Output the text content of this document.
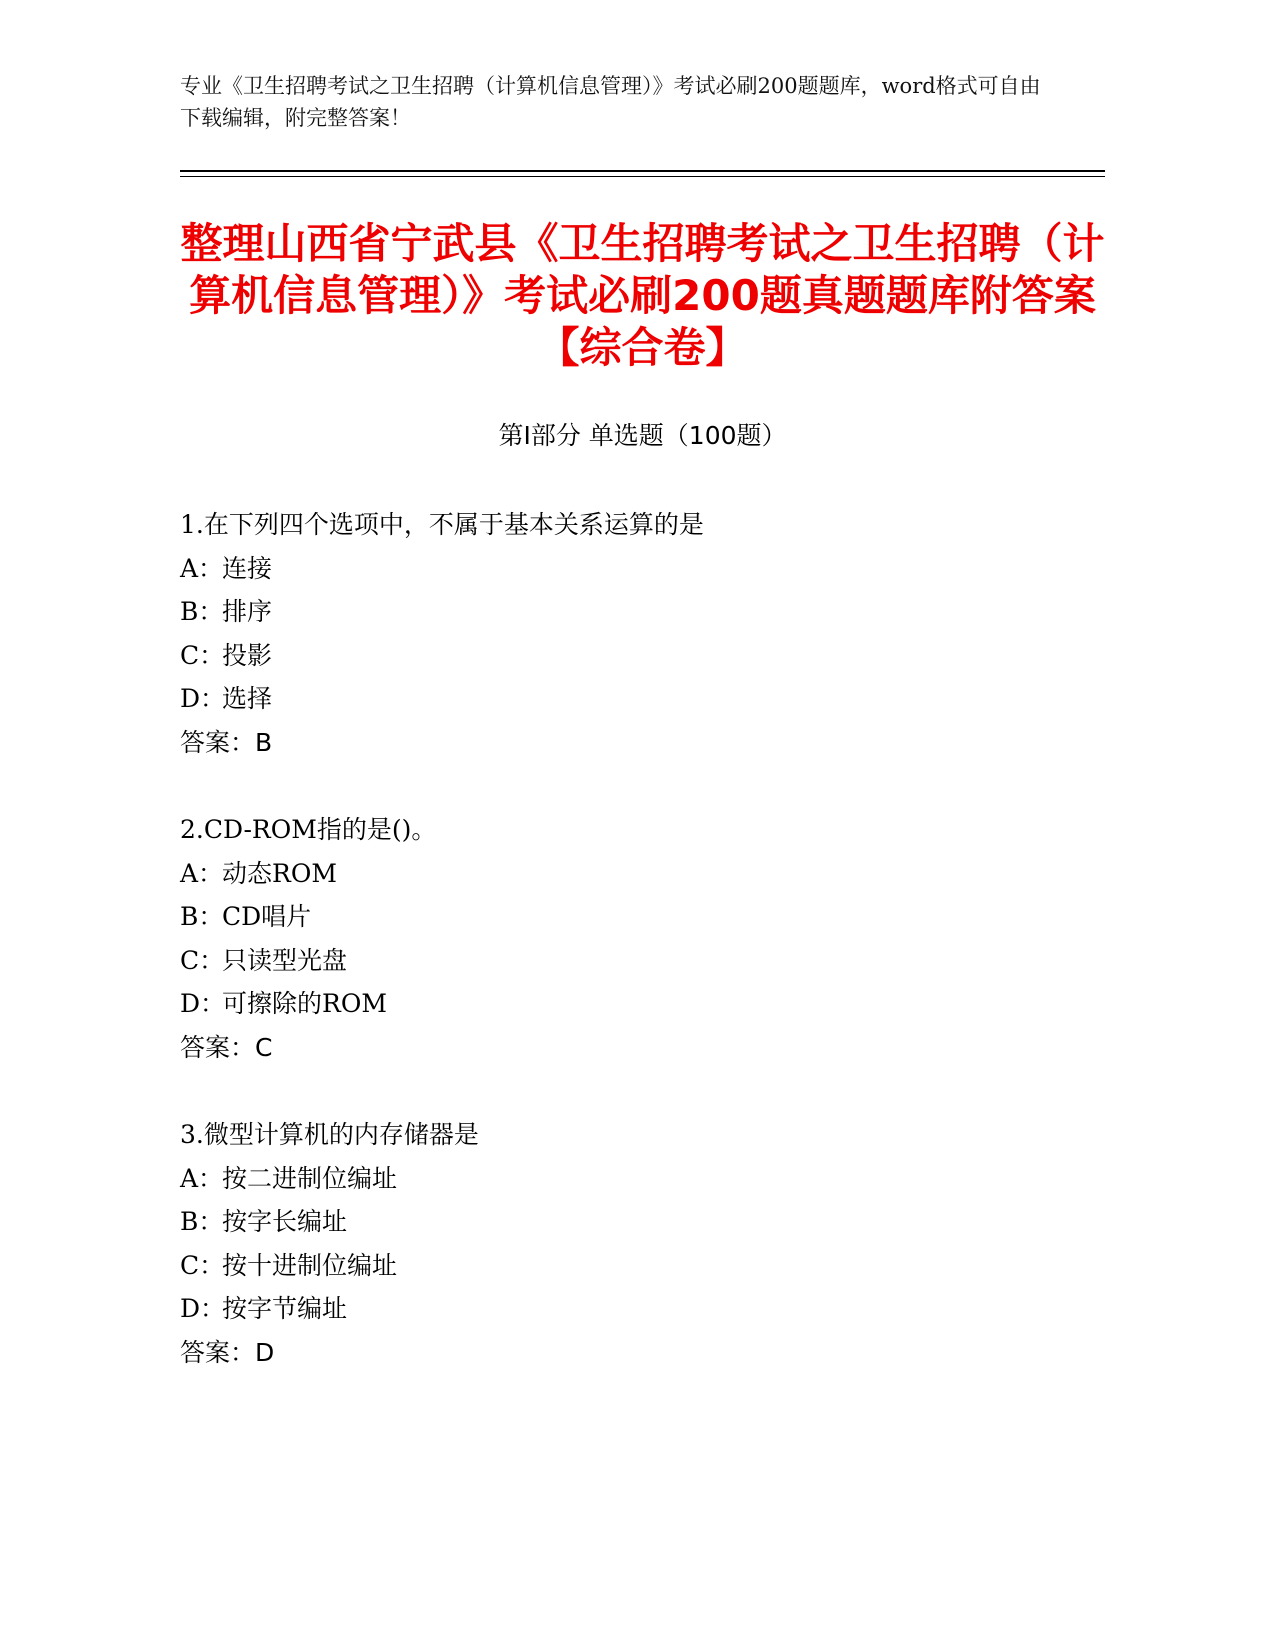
专业《卫生招聘考试之卫生招聘（计算机信息管理）》考试必刷200题题库，word格式可自由下载编辑，附完整答案！
整理山西省宁武县《卫生招聘考试之卫生招聘（计算机信息管理）》考试必刷200题真题题库附答案【综合卷】
第Ⅰ部分 单选题（100题）
1.在下列四个选项中，不属于基本关系运算的是
A：连接
B：排序
C：投影
D：选择
答案：B
2.CD-ROM指的是()。
A：动态ROM
B：CD唱片
C：只读型光盘
D：可擦除的ROM
答案：C
3.微型计算机的内存储器是
A：按二进制位编址
B：按字长编址
C：按十进制位编址
D：按字节编址
答案：D
